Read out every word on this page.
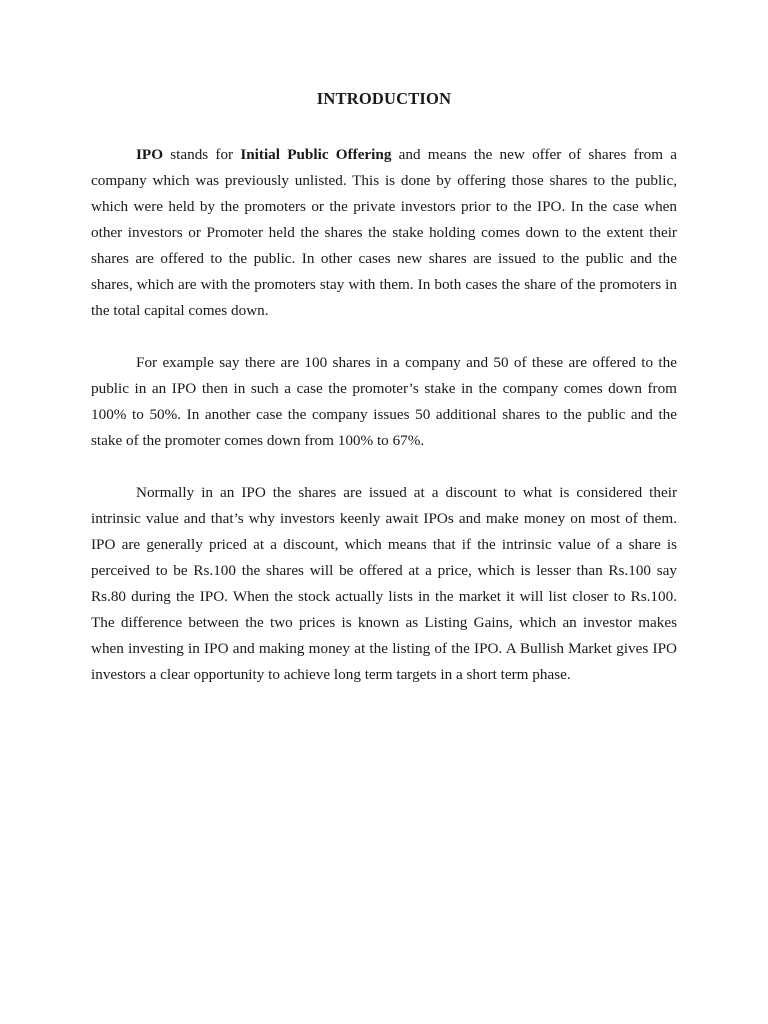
INTRODUCTION

IPO stands for Initial Public Offering and means the new offer of shares from a company which was previously unlisted. This is done by offering those shares to the public, which were held by the promoters or the private investors prior to the IPO. In the case when other investors or Promoter held the shares the stake holding comes down to the extent their shares are offered to the public. In other cases new shares are issued to the public and the shares, which are with the promoters stay with them. In both cases the share of the promoters in the total capital comes down.

For example say there are 100 shares in a company and 50 of these are offered to the public in an IPO then in such a case the promoter’s stake in the company comes down from 100% to 50%. In another case the company issues 50 additional shares to the public and the stake of the promoter comes down from 100% to 67%.

Normally in an IPO the shares are issued at a discount to what is considered their intrinsic value and that’s why investors keenly await IPOs and make money on most of them. IPO are generally priced at a discount, which means that if the intrinsic value of a share is perceived to be Rs.100 the shares will be offered at a price, which is lesser than Rs.100 say Rs.80 during the IPO. When the stock actually lists in the market it will list closer to Rs.100. The difference between the two prices is known as Listing Gains, which an investor makes when investing in IPO and making money at the listing of the IPO. A Bullish Market gives IPO investors a clear opportunity to achieve long term targets in a short term phase.
